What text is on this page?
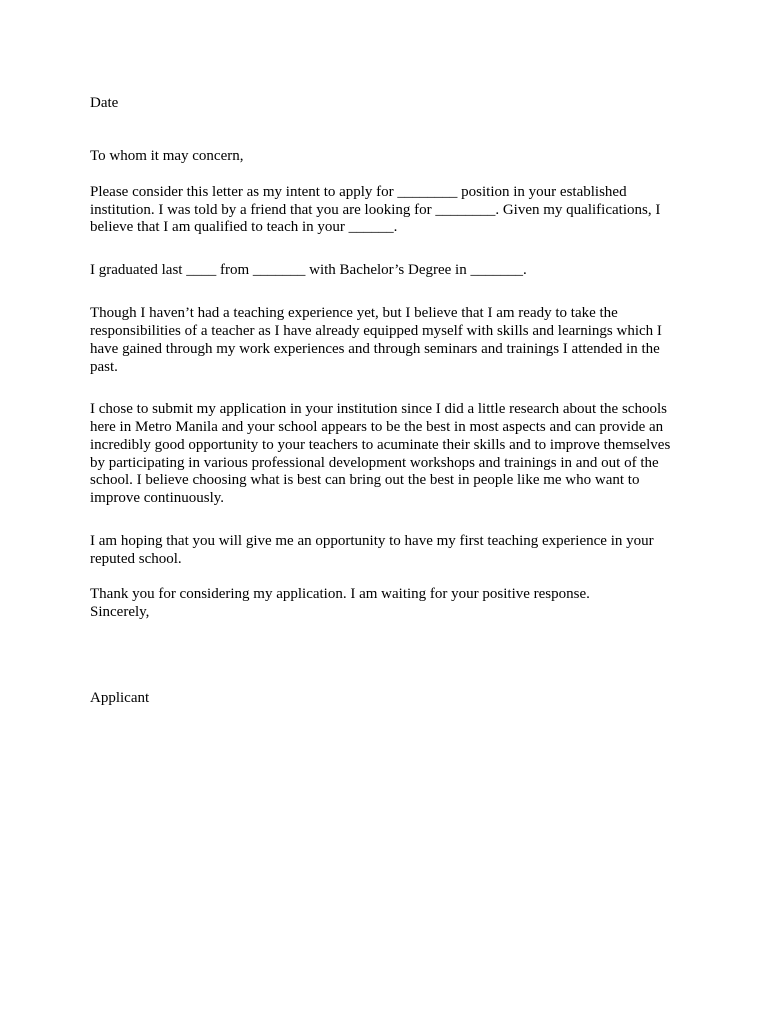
Date

To whom it may concern,

Please consider this letter as my intent to apply for ________ position in your established

institution. I was told by a friend that you are looking for ________. Given my qualifications, I

believe that I am qualified to teach in your ______.

I graduated last ____ from _______ with Bachelor’s Degree in _______.

Though I haven’t had a teaching experience yet, but I believe that I am ready to take the

responsibilities of a teacher as I have already equipped myself with skills and learnings which I

have gained through my work experiences and through seminars and trainings I attended in the

past.

I chose to submit my application in your institution since I did a little research about the schools

here in Metro Manila and your school appears to be the best in most aspects and can provide an

incredibly good opportunity to your teachers to acuminate their skills and to improve themselves

by participating in various professional development workshops and trainings in and out of the

school. I believe choosing what is best can bring out the best in people like me who want to

improve continuously.

I am hoping that you will give me an opportunity to have my first teaching experience in your

reputed school.

Thank you for considering my application. I am waiting for your positive response.

Sincerely,

Applicant
